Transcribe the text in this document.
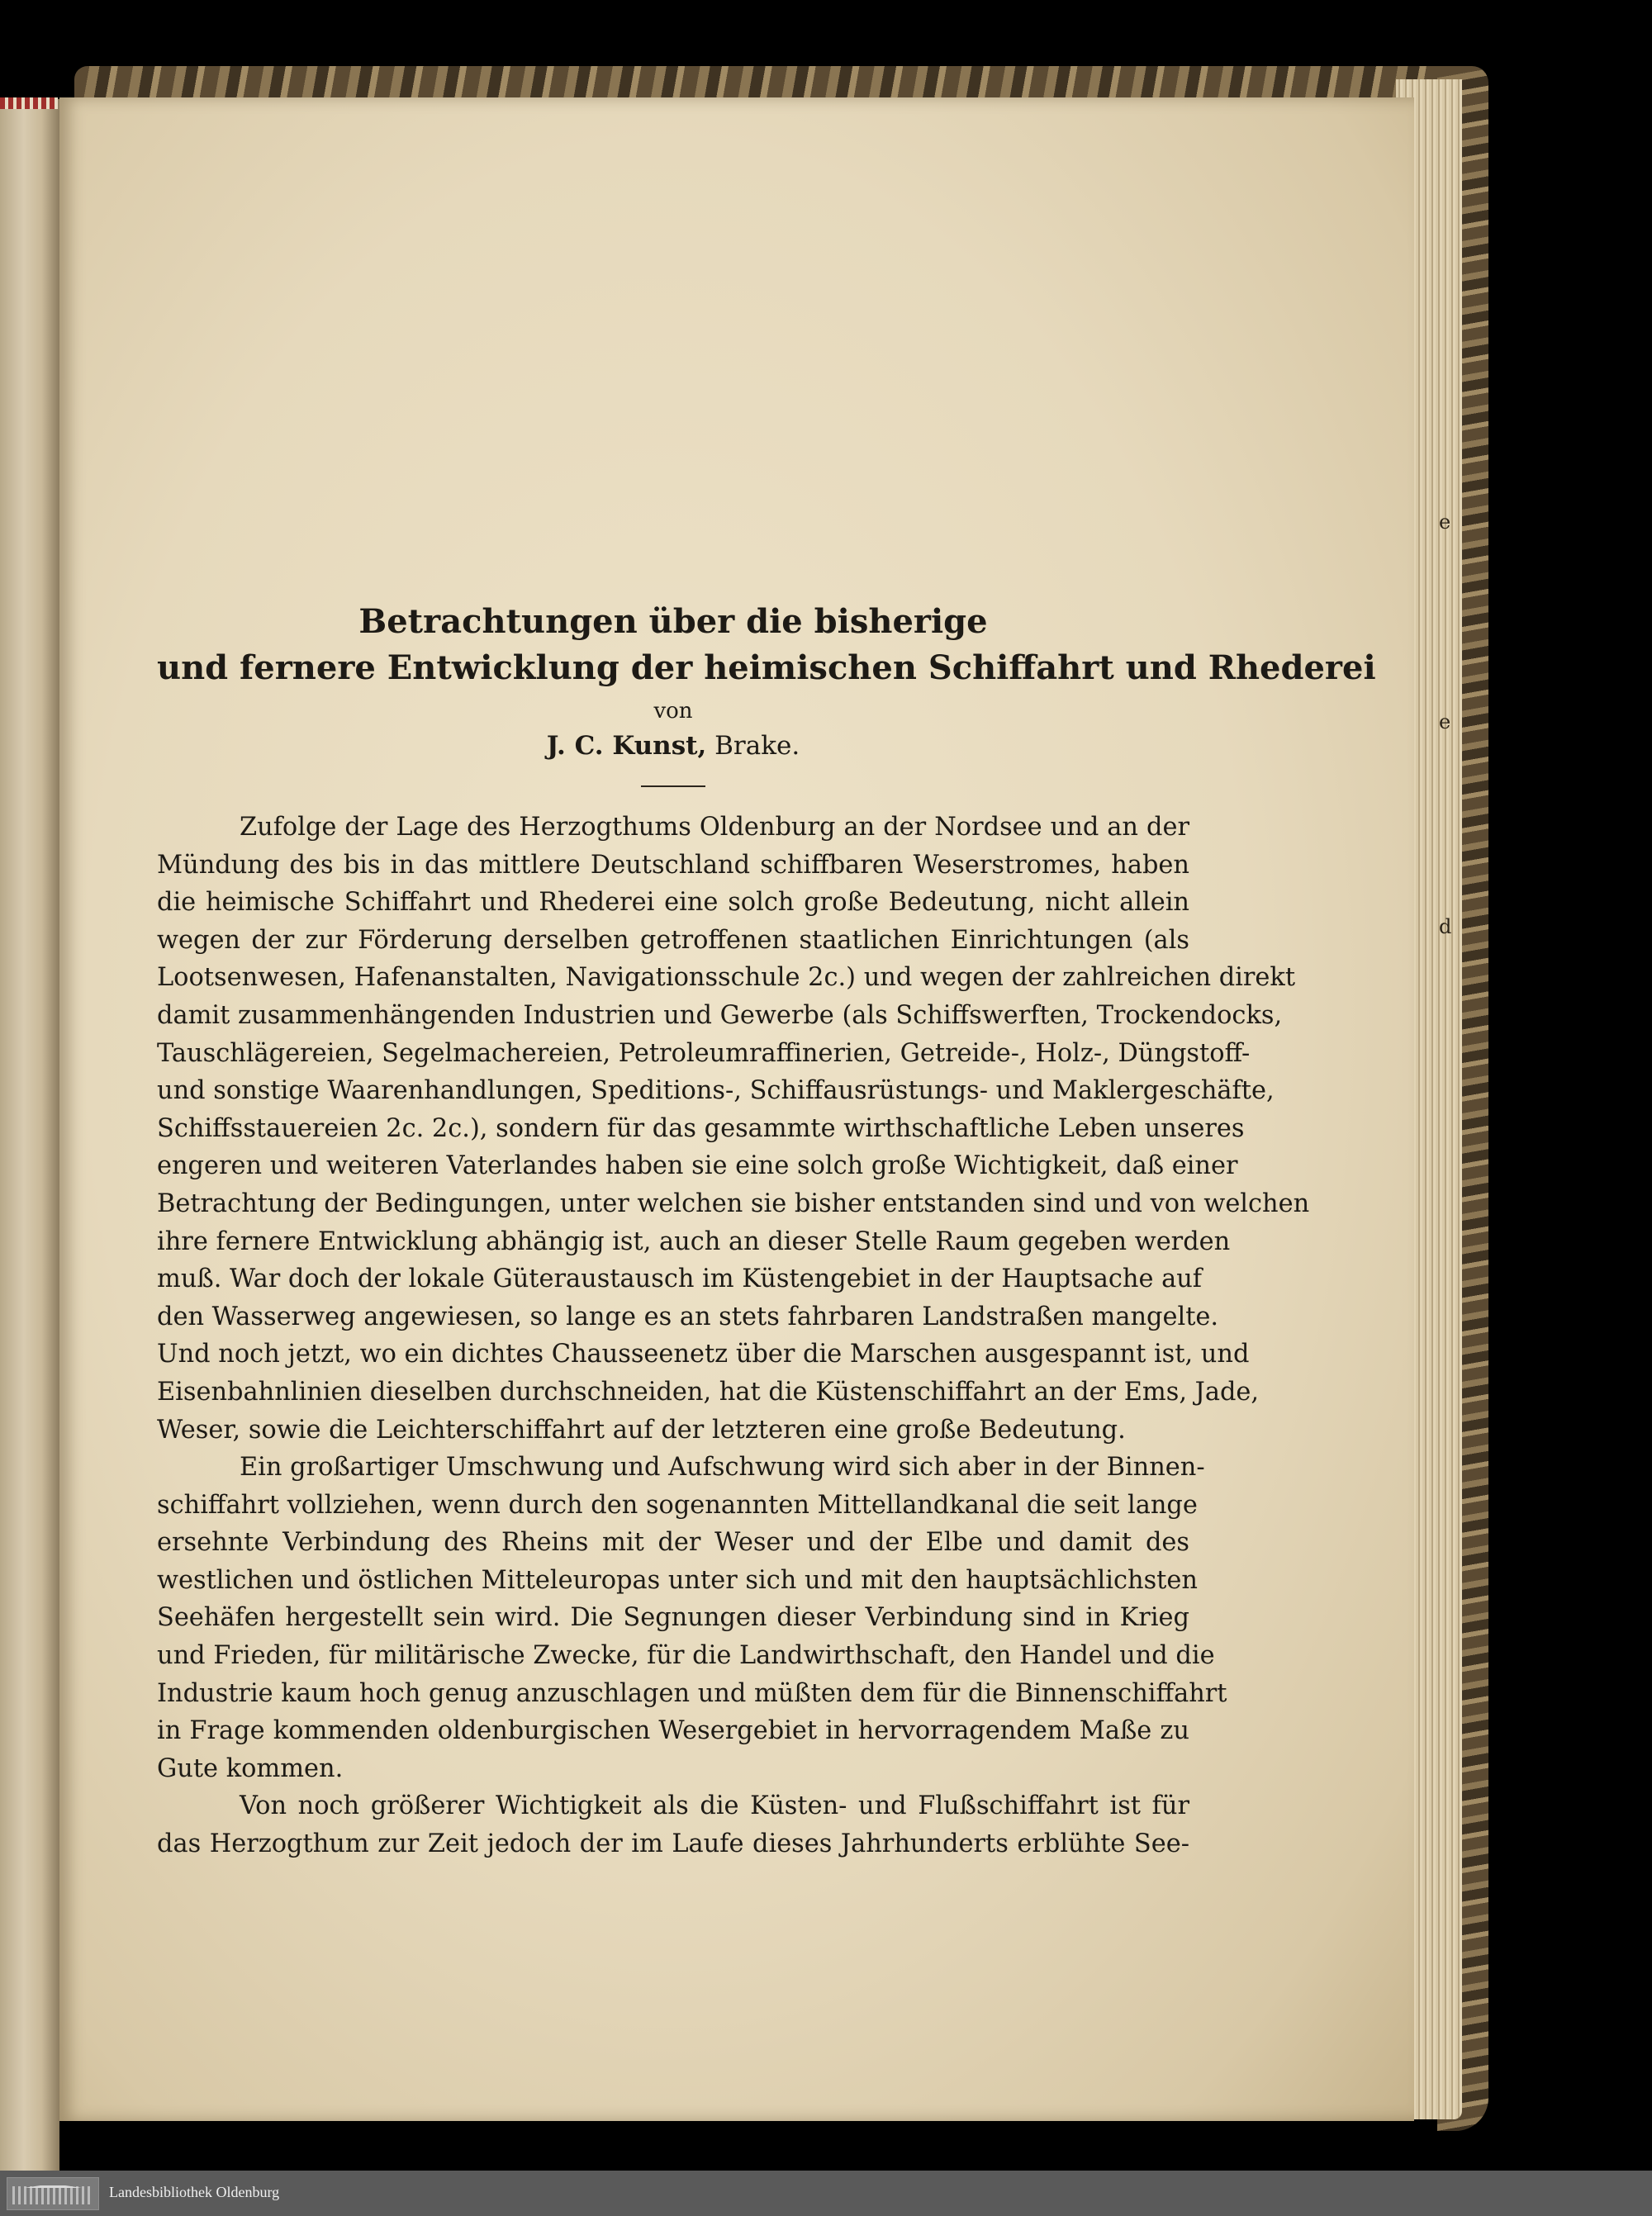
e
e
d

Betrachtungen über die bisherige

und fernere Entwicklung der heimischen Schiffahrt und Rhederei

von

J. C. Kunst, Brake.

Zufolge der Lage des Herzogthums Oldenburg an der Nordsee und an der
Mündung des bis in das mittlere Deutschland schiffbaren Weserstromes, haben
die heimische Schiffahrt und Rhederei eine solch große Bedeutung, nicht allein
wegen der zur Förderung derselben getroffenen staatlichen Einrichtungen (als
Lootsenwesen, Hafenanstalten, Navigationsschule 2c.) und wegen der zahlreichen direkt
damit zusammenhängenden Industrien und Gewerbe (als Schiffswerften, Trockendocks,
Tauschlägereien, Segelmachereien, Petroleumraffinerien, Getreide-, Holz-, Düngstoff-
und sonstige Waarenhandlungen, Speditions-, Schiffausrüstungs- und Maklergeschäfte,
Schiffsstauereien 2c. 2c.), sondern für das gesammte wirthschaftliche Leben unseres
engeren und weiteren Vaterlandes haben sie eine solch große Wichtigkeit, daß einer
Betrachtung der Bedingungen, unter welchen sie bisher entstanden sind und von welchen
ihre fernere Entwicklung abhängig ist, auch an dieser Stelle Raum gegeben werden
muß. War doch der lokale Güteraustausch im Küstengebiet in der Hauptsache auf
den Wasserweg angewiesen, so lange es an stets fahrbaren Landstraßen mangelte.
Und noch jetzt, wo ein dichtes Chausseenetz über die Marschen ausgespannt ist, und
Eisenbahnlinien dieselben durchschneiden, hat die Küstenschiffahrt an der Ems, Jade,
Weser, sowie die Leichterschiffahrt auf der letzteren eine große Bedeutung.
Ein großartiger Umschwung und Aufschwung wird sich aber in der Binnen-
schiffahrt vollziehen, wenn durch den sogenannten Mittellandkanal die seit lange
ersehnte Verbindung des Rheins mit der Weser und der Elbe und damit des
westlichen und östlichen Mitteleuropas unter sich und mit den hauptsächlichsten
Seehäfen hergestellt sein wird. Die Segnungen dieser Verbindung sind in Krieg
und Frieden, für militärische Zwecke, für die Landwirthschaft, den Handel und die
Industrie kaum hoch genug anzuschlagen und müßten dem für die Binnenschiffahrt
in Frage kommenden oldenburgischen Wesergebiet in hervorragendem Maße zu
Gute kommen.
Von noch größerer Wichtigkeit als die Küsten- und Flußschiffahrt ist für
das Herzogthum zur Zeit jedoch der im Laufe dieses Jahrhunderts erblühte See-
Landesbibliothek Oldenburg
